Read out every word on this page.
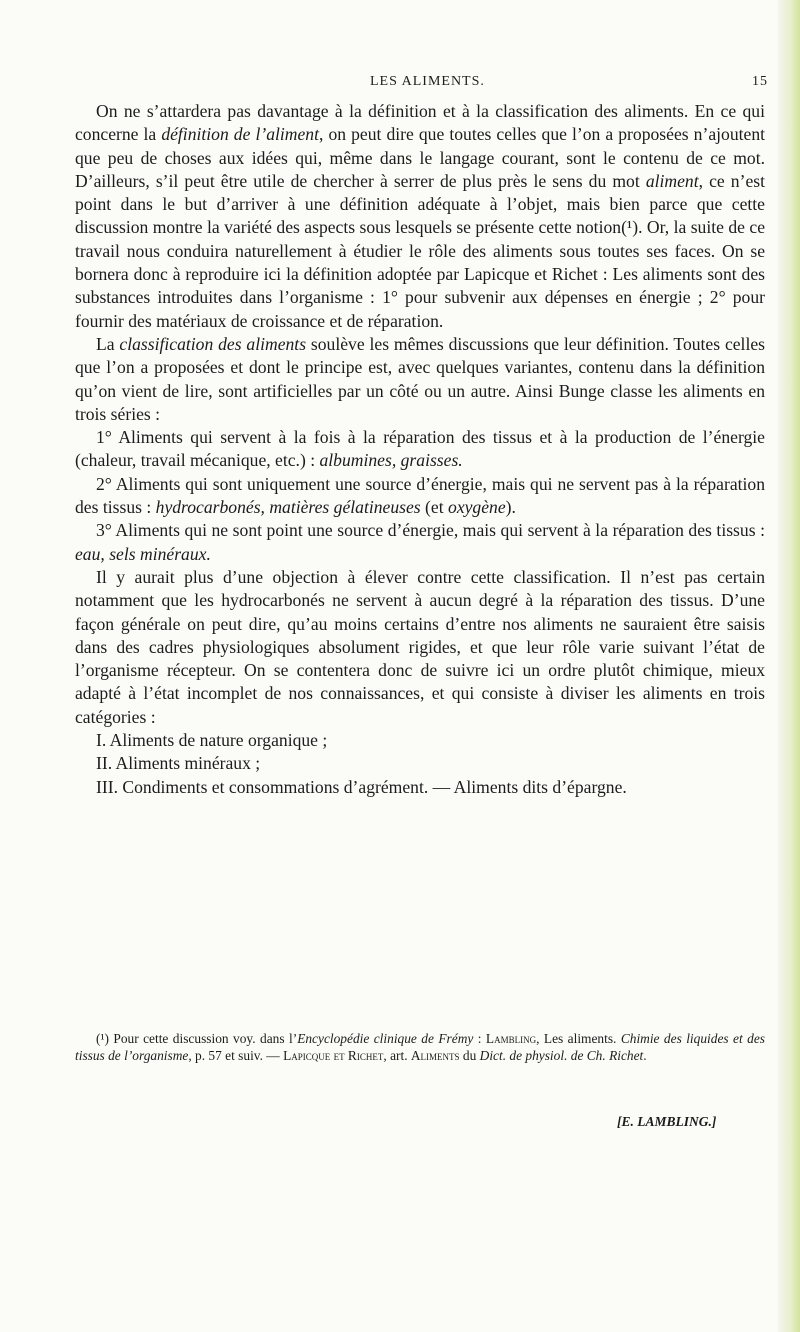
LES ALIMENTS.	15

On ne s’attardera pas davantage à la définition et à la classification des aliments. En ce qui concerne la définition de l’aliment, on peut dire que toutes celles que l’on a proposées n’ajoutent que peu de choses aux idées qui, même dans le langage courant, sont le contenu de ce mot. D’ailleurs, s’il peut être utile de chercher à serrer de plus près le sens du mot aliment, ce n’est point dans le but d’arriver à une définition adéquate à l’objet, mais bien parce que cette discussion montre la variété des aspects sous lesquels se présente cette notion(¹). Or, la suite de ce travail nous conduira naturellement à étudier le rôle des aliments sous toutes ses faces. On se bornera donc à reproduire ici la définition adoptée par Lapicque et Richet : Les aliments sont des substances introduites dans l’organisme : 1° pour subvenir aux dépenses en énergie ; 2° pour fournir des matériaux de croissance et de réparation.

La classification des aliments soulève les mêmes discussions que leur définition. Toutes celles que l’on a proposées et dont le principe est, avec quelques variantes, contenu dans la définition qu’on vient de lire, sont artificielles par un côté ou un autre. Ainsi Bunge classe les aliments en trois séries :

1° Aliments qui servent à la fois à la réparation des tissus et à la production de l’énergie (chaleur, travail mécanique, etc.) : albumines, graisses.

2° Aliments qui sont uniquement une source d’énergie, mais qui ne servent pas à la réparation des tissus : hydrocarbonés, matières gélatineuses (et oxygène).

3° Aliments qui ne sont point une source d’énergie, mais qui servent à la réparation des tissus : eau, sels minéraux.

Il y aurait plus d’une objection à élever contre cette classification. Il n’est pas certain notamment que les hydrocarbonés ne servent à aucun degré à la réparation des tissus. D’une façon générale on peut dire, qu’au moins certains d’entre nos aliments ne sauraient être saisis dans des cadres physiologiques absolument rigides, et que leur rôle varie suivant l’état de l’organisme récepteur. On se contentera donc de suivre ici un ordre plutôt chimique, mieux adapté à l’état incomplet de nos connaissances, et qui consiste à diviser les aliments en trois catégories :

I. Aliments de nature organique ;

II. Aliments minéraux ;

III. Condiments et consommations d’agrément. — Aliments dits d’épargne.

(¹) Pour cette discussion voy. dans l’Encyclopédie clinique de Frémy : Lambling, Les aliments. Chimie des liquides et des tissus de l’organisme, p. 57 et suiv. — Lapicque et Richet, art. Aliments du Dict. de physiol. de Ch. Richet.
[E. LAMBLING.]
